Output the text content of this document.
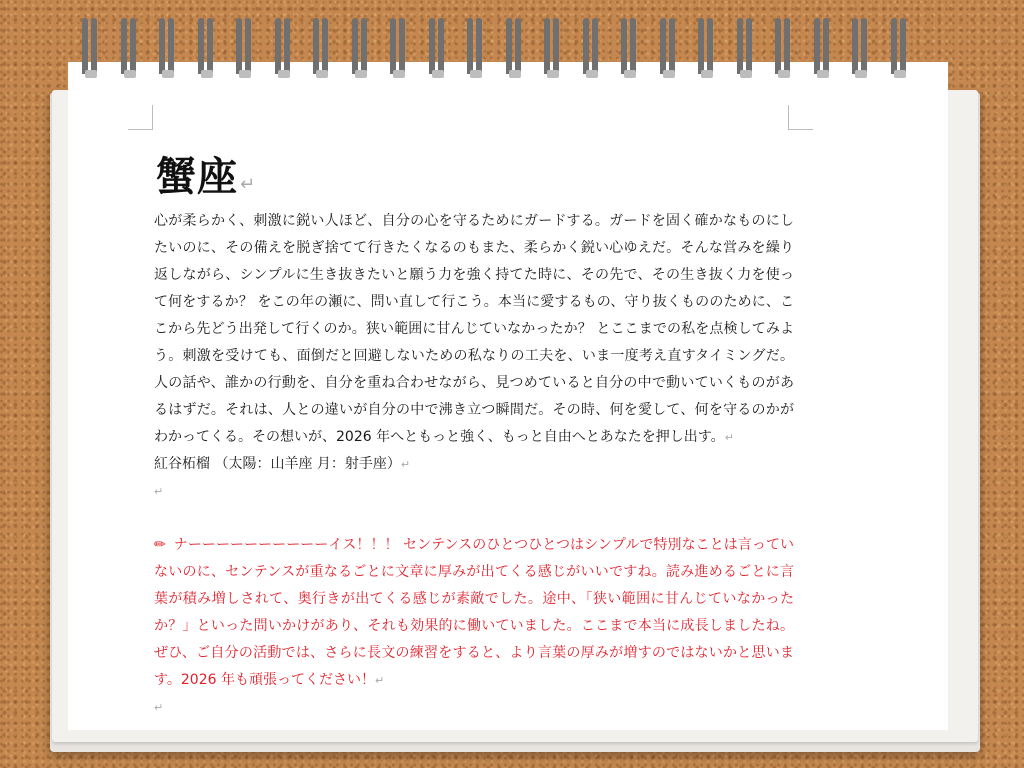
蟹座 ↵

心が柔らかく、刺激に鋭い人ほど、自分の心を守るためにガードする。ガードを固く確かなものにしたいのに、その備えを脱ぎ捨てて行きたくなるのもまた、柔らかく鋭い心ゆえだ。そんな営みを繰り返しながら、シンプルに生き抜きたいと願う力を強く持てた時に、その先で、その生き抜く力を使って何をするか？ をこの年の瀬に、問い直して行こう。本当に愛するもの、守り抜くもののために、ここから先どう出発して行くのか。狭い範囲に甘んじていなかったか？ とここまでの私を点検してみよう。刺激を受けても、面倒だと回避しないための私なりの工夫を、いま一度考え直すタイミングだ。 人の話や、誰かの行動を、自分を重ね合わせながら、見つめていると自分の中で動いていくものがあるはずだ。それは、人との違いが自分の中で沸き立つ瞬間だ。その時、何を愛して、何を守るのかがわかってくる。その想いが、2026 年へともっと強く、もっと自由へとあなたを押し出す。↵

紅谷柘榴 （太陽：山羊座 月：射手座）↵

↵

✏ ナーーーーーーーーーーイス！！！ センテンスのひとつひとつはシンプルで特別なことは言っていないのに、センテンスが重なるごとに文章に厚みが出てくる感じがいいですね。読み進めるごとに言葉が積み増しされて、奥行きが出てくる感じが素敵でした。途中、「狭い範囲に甘んじていなかったか？」といった問いかけがあり、それも効果的に働いていました。ここまで本当に成長しましたね。ぜひ、ご自分の活動では、さらに長文の練習をすると、より言葉の厚みが増すのではないかと思います。2026 年も頑張ってください！↵

↵
